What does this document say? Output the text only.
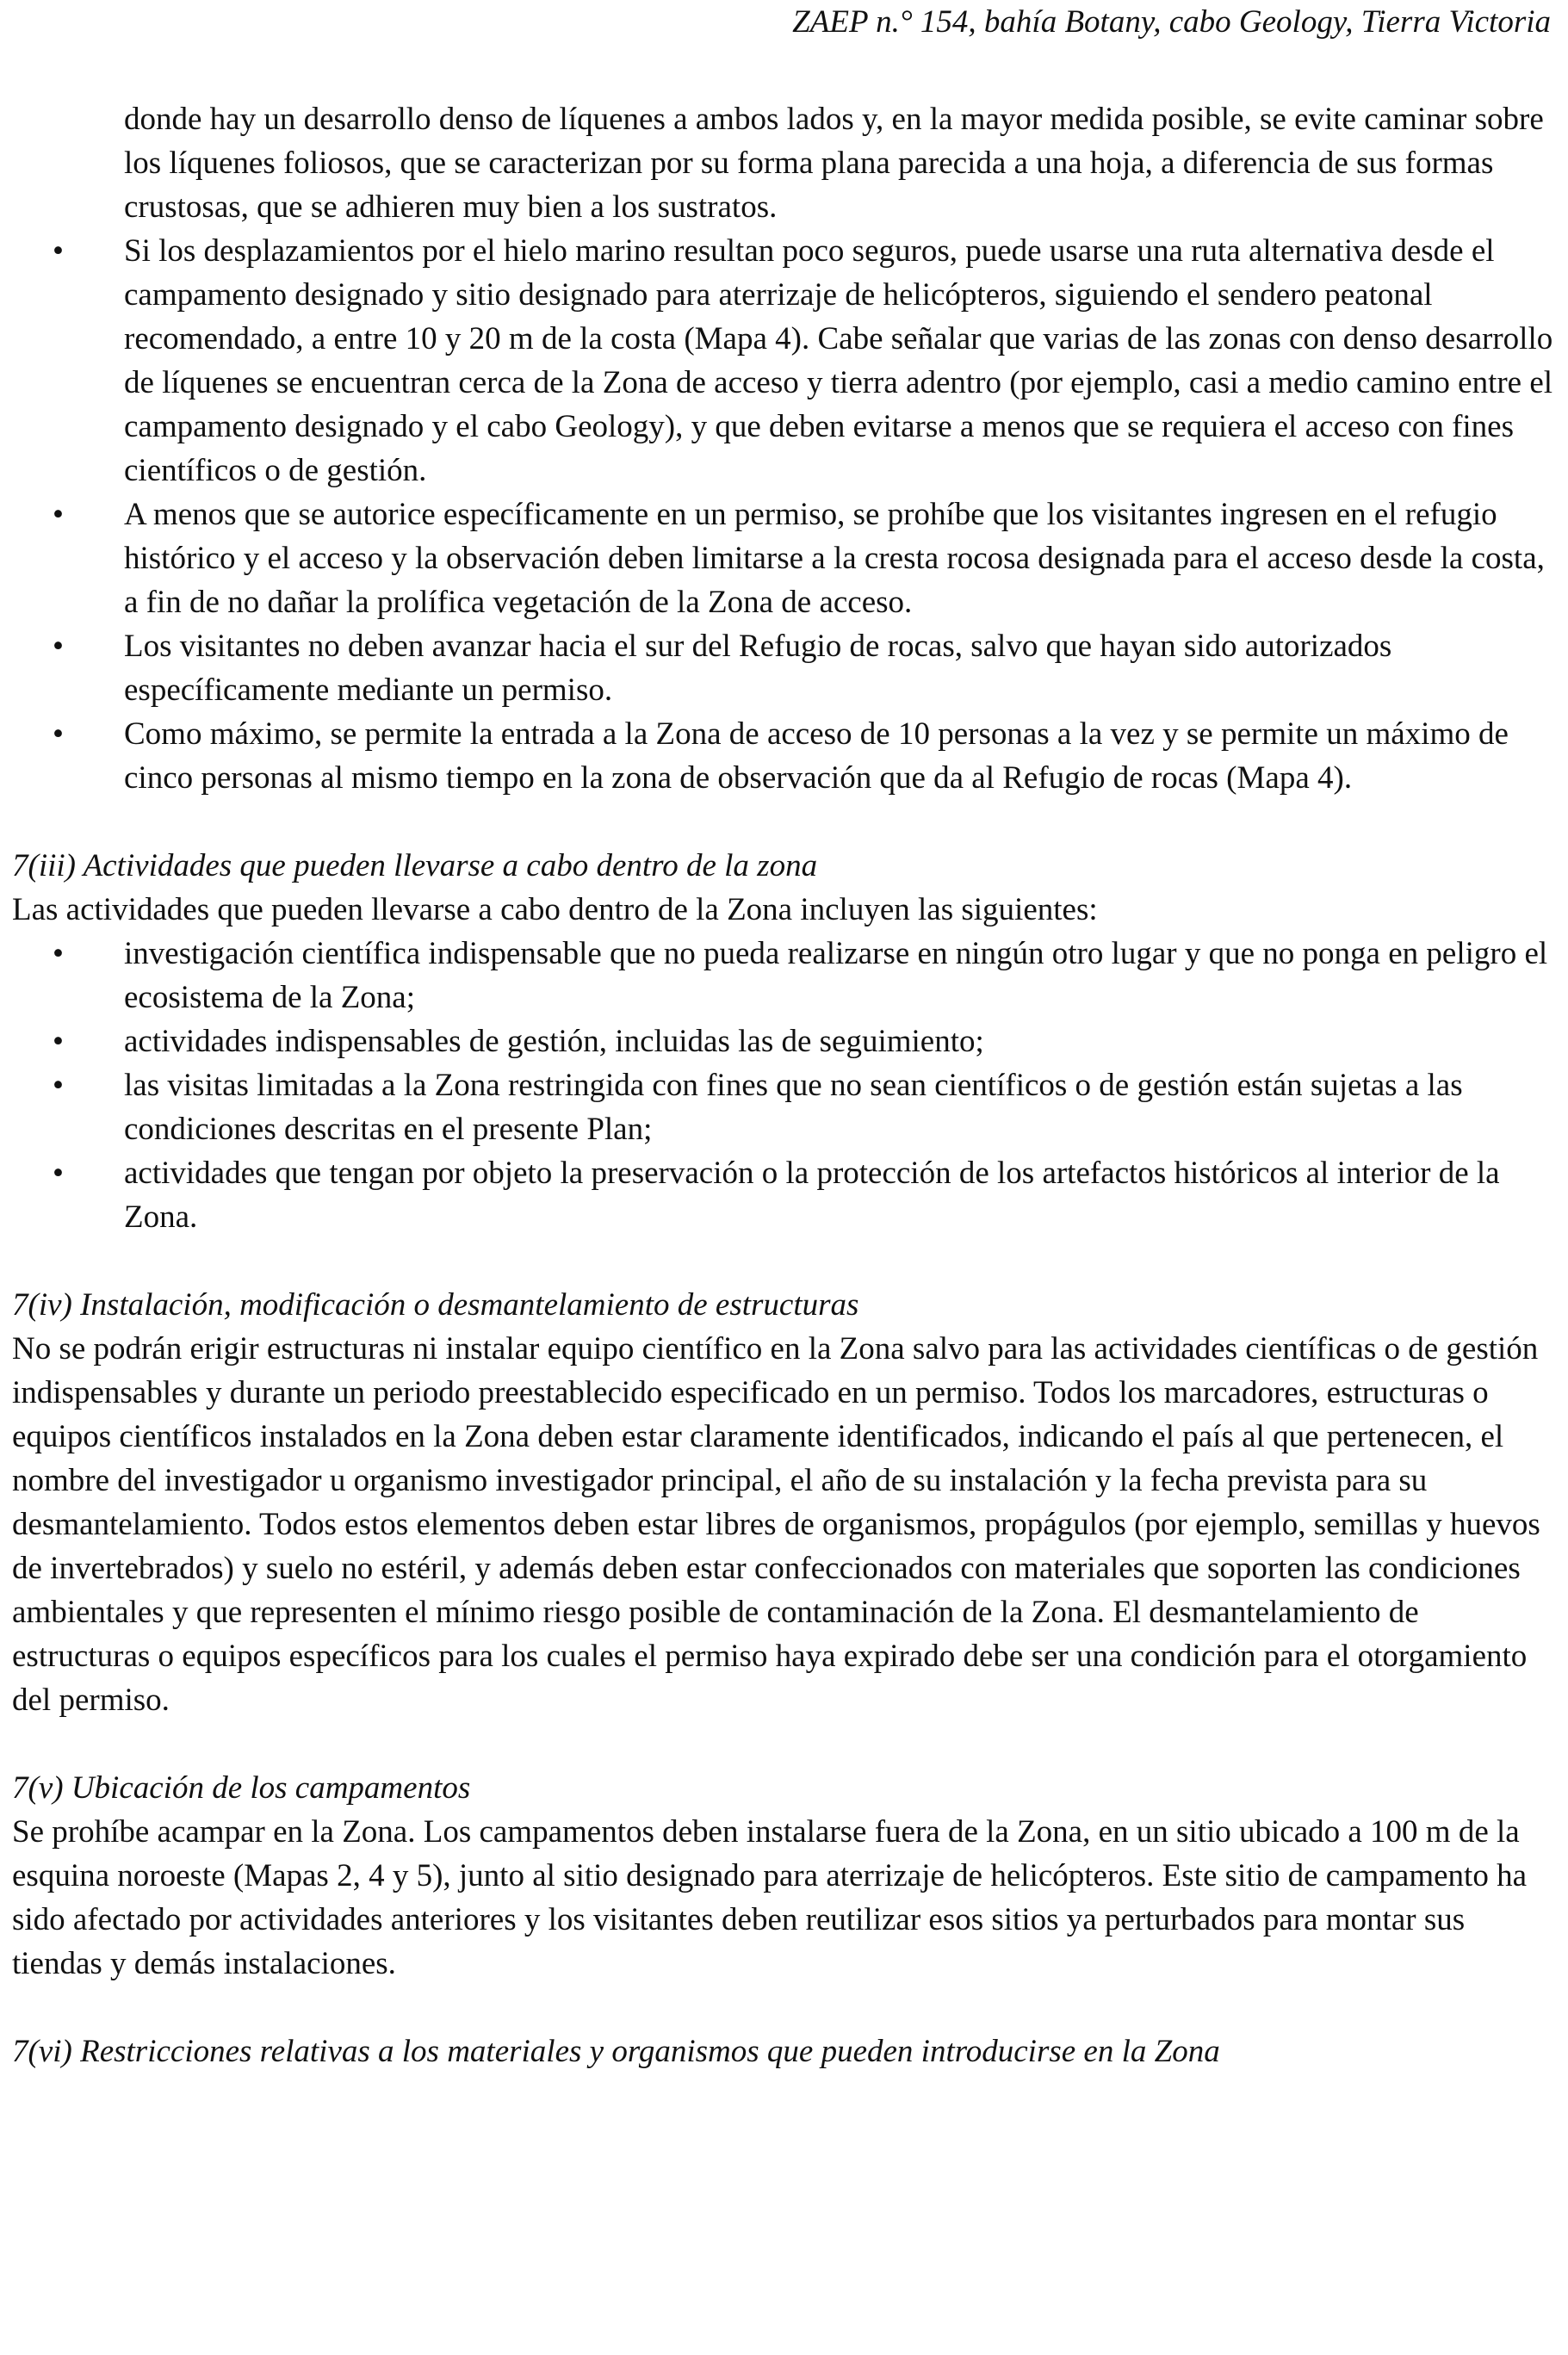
ZAEP n.° 154, bahía Botany, cabo Geology, Tierra Victoria

donde hay un desarrollo denso de líquenes a ambos lados y, en la mayor medida posible, se evite caminar sobre los líquenes foliosos, que se caracterizan por su forma plana parecida a una hoja, a diferencia de sus formas crustosas, que se adhieren muy bien a los sustratos.

• Si los desplazamientos por el hielo marino resultan poco seguros, puede usarse una ruta alternativa desde el campamento designado y sitio designado para aterrizaje de helicópteros, siguiendo el sendero peatonal recomendado, a entre 10 y 20 m de la costa (Mapa 4). Cabe señalar que varias de las zonas con denso desarrollo de líquenes se encuentran cerca de la Zona de acceso y tierra adentro (por ejemplo, casi a medio camino entre el campamento designado y el cabo Geology), y que deben evitarse a menos que se requiera el acceso con fines científicos o de gestión.
• A menos que se autorice específicamente en un permiso, se prohíbe que los visitantes ingresen en el refugio histórico y el acceso y la observación deben limitarse a la cresta rocosa designada para el acceso desde la costa, a fin de no dañar la prolífica vegetación de la Zona de acceso.
• Los visitantes no deben avanzar hacia el sur del Refugio de rocas, salvo que hayan sido autorizados específicamente mediante un permiso.
• Como máximo, se permite la entrada a la Zona de acceso de 10 personas a la vez y se permite un máximo de cinco personas al mismo tiempo en la zona de observación que da al Refugio de rocas (Mapa 4).

7(iii) Actividades que pueden llevarse a cabo dentro de la zona

Las actividades que pueden llevarse a cabo dentro de la Zona incluyen las siguientes:

• investigación científica indispensable que no pueda realizarse en ningún otro lugar y que no ponga en peligro el ecosistema de la Zona;
• actividades indispensables de gestión, incluidas las de seguimiento;
• las visitas limitadas a la Zona restringida con fines que no sean científicos o de gestión están sujetas a las condiciones descritas en el presente Plan;
• actividades que tengan por objeto la preservación o la protección de los artefactos históricos al interior de la Zona.

7(iv) Instalación, modificación o desmantelamiento de estructuras

No se podrán erigir estructuras ni instalar equipo científico en la Zona salvo para las actividades científicas o de gestión indispensables y durante un periodo preestablecido especificado en un permiso. Todos los marcadores, estructuras o equipos científicos instalados en la Zona deben estar claramente identificados, indicando el país al que pertenecen, el nombre del investigador u organismo investigador principal, el año de su instalación y la fecha prevista para su desmantelamiento. Todos estos elementos deben estar libres de organismos, propágulos (por ejemplo, semillas y huevos de invertebrados) y suelo no estéril, y además deben estar confeccionados con materiales que soporten las condiciones ambientales y que representen el mínimo riesgo posible de contaminación de la Zona. El desmantelamiento de estructuras o equipos específicos para los cuales el permiso haya expirado debe ser una condición para el otorgamiento del permiso.

7(v) Ubicación de los campamentos

Se prohíbe acampar en la Zona. Los campamentos deben instalarse fuera de la Zona, en un sitio ubicado a 100 m de la esquina noroeste (Mapas 2, 4 y 5), junto al sitio designado para aterrizaje de helicópteros. Este sitio de campamento ha sido afectado por actividades anteriores y los visitantes deben reutilizar esos sitios ya perturbados para montar sus tiendas y demás instalaciones.

7(vi) Restricciones relativas a los materiales y organismos que pueden introducirse en la Zona
